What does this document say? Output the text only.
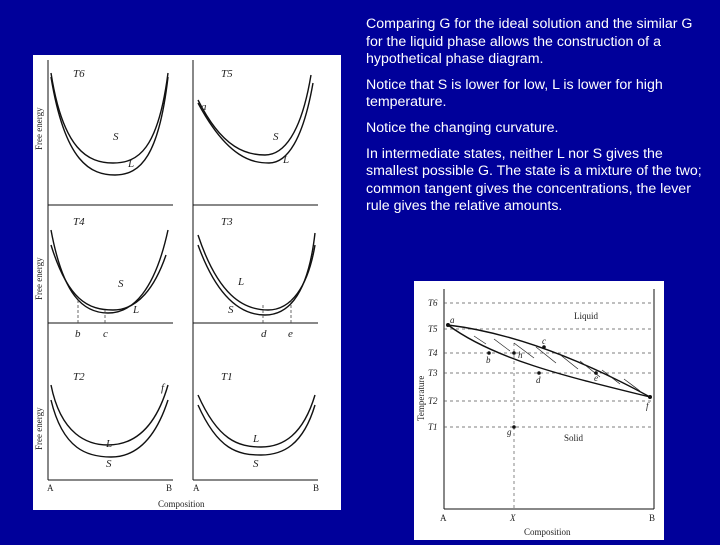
Comparing G for the ideal solution and the similar G for the liquid phase allows the construction of a hypothetical phase diagram.

Notice that S is lower for low, L is lower for high temperature.

Notice the changing curvature.

In intermediate states, neither L nor S gives the smallest possible G. The state is a mixture of the two; common tangent gives the concentrations, the lever rule gives the relative amounts.

T6
S
L
T5
a
S
L
T4
S
L
b c
T3
L
S
d e
T2
f
L
S
T1
L
S
Free energy
Free energy
Free energy
A	B A	B
Composition
T6
T5
T4
T3
T2
T1
a
b	h
c
d	e
f
g
Liquid
Solid
Temperature
A	B
X
Composition
